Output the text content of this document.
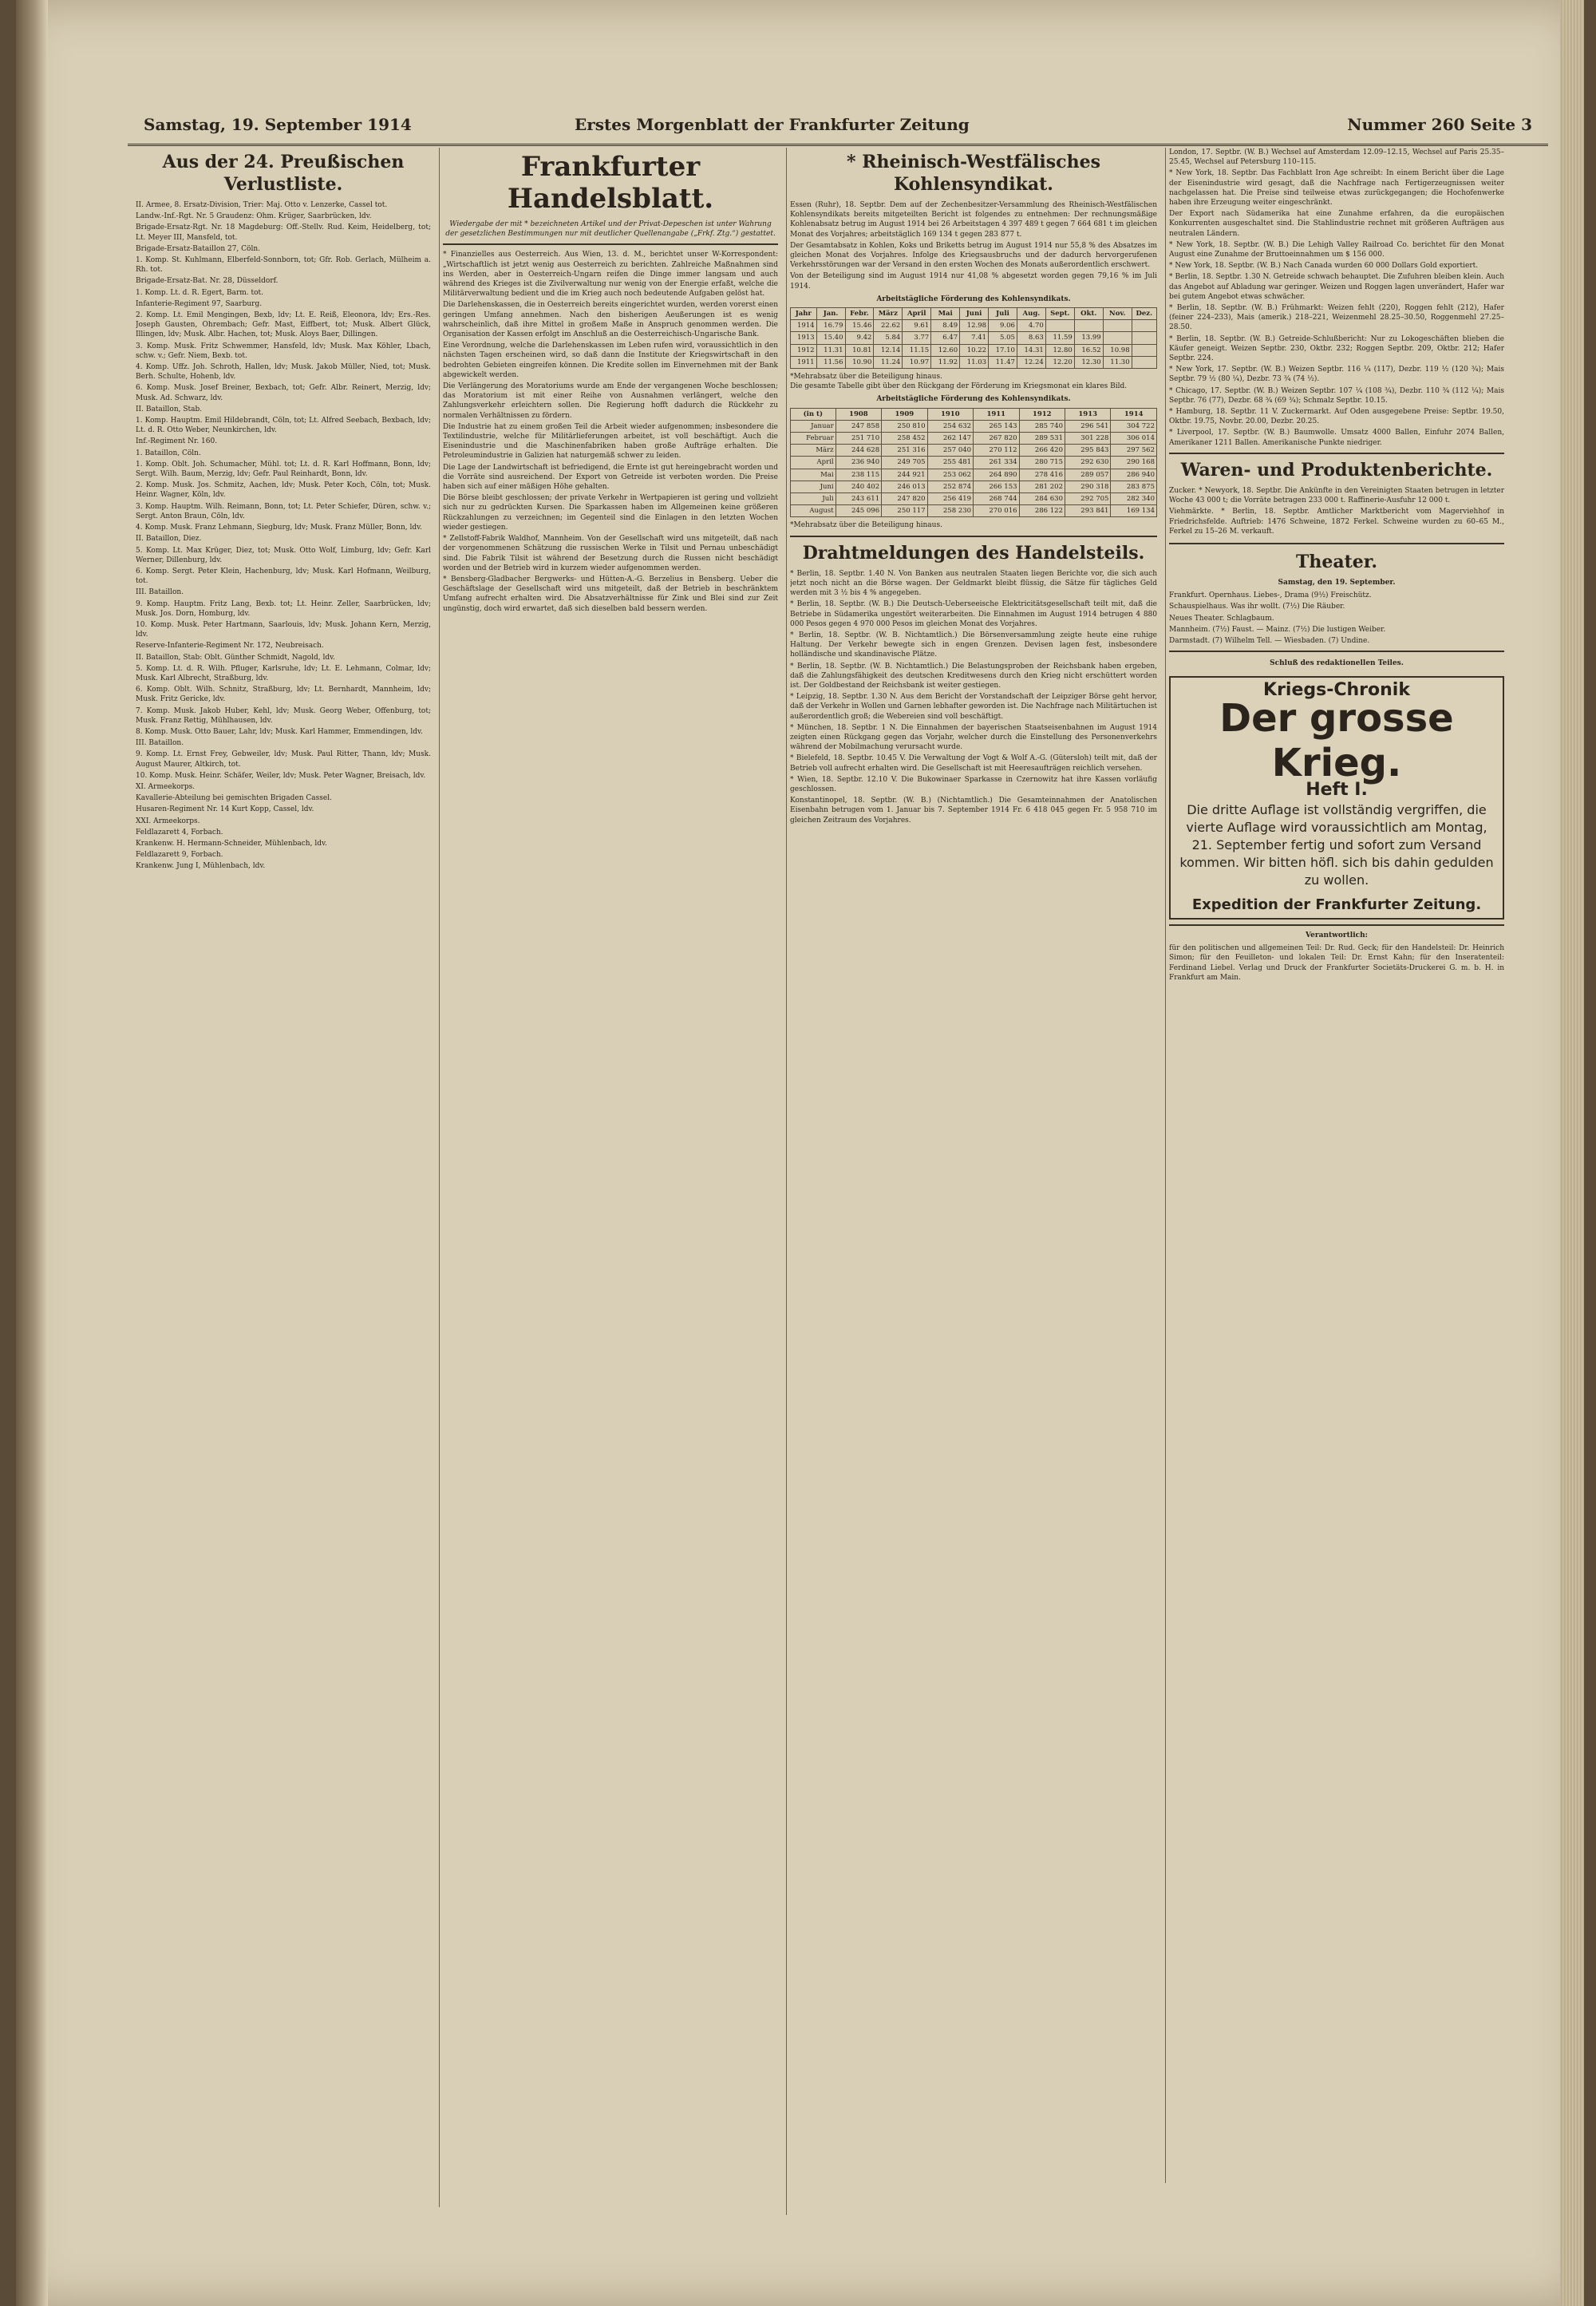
Samstag, 19. September 1914	Erstes Morgenblatt der Frankfurter Zeitung	Nummer 260 Seite 3
Aus der 24. Preußischen Verlustliste.

II. Armee, 8. Ersatz-Division, Trier: Maj. Otto v. Lenzerke, Cassel tot.

Landw.-Inf.-Rgt. Nr. 5 Graudenz: Ohm. Krüger, Saarbrücken, ldv.

Brigade-Ersatz-Rgt. Nr. 18 Magdeburg: Off.-Stellv. Rud. Keim, Heidelberg, tot; Lt. Meyer III, Mansfeld, tot.

Brigade-Ersatz-Bataillon 27, Cöln.

1. Komp. St. Kuhlmann, Elberfeld-Sonnborn, tot; Gfr. Rob. Gerlach, Mülheim a. Rh. tot.

Brigade-Ersatz-Bat. Nr. 28, Düsseldorf.

1. Komp. Lt. d. R. Egert, Barm. tot.

Infanterie-Regiment 97, Saarburg.

2. Komp. Lt. Emil Mengingen, Bexb, ldv; Lt. E. Reiß, Eleonora, ldv; Ers.-Res. Joseph Gausten, Ohrembach; Gefr. Mast, Eiffbert, tot; Musk. Albert Glück, Illingen, ldv; Musk. Albr. Hachen, tot; Musk. Aloys Baer, Dillingen.

3. Komp. Musk. Fritz Schwemmer, Hansfeld, ldv; Musk. Max Köhler, Lbach, schw. v.; Gefr. Niem, Bexb. tot.

4. Komp. Uffz. Joh. Schroth, Hallen, ldv; Musk. Jakob Müller, Nied, tot; Musk. Berh. Schulte, Hohenb, ldv.

6. Komp. Musk. Josef Breiner, Bexbach, tot; Gefr. Albr. Reinert, Merzig, ldv; Musk. Ad. Schwarz, ldv.

II. Bataillon, Stab.

1. Komp. Hauptm. Emil Hildebrandt, Cöln, tot; Lt. Alfred Seebach, Bexbach, ldv; Lt. d. R. Otto Weber, Neunkirchen, ldv.

Inf.-Regiment Nr. 160.

1. Bataillon, Cöln.

1. Komp. Oblt. Joh. Schumacher, Mühl. tot; Lt. d. R. Karl Hoffmann, Bonn, ldv; Sergt. Wilh. Baum, Merzig, ldv; Gefr. Paul Reinhardt, Bonn, ldv.

2. Komp. Musk. Jos. Schmitz, Aachen, ldv; Musk. Peter Koch, Cöln, tot; Musk. Heinr. Wagner, Köln, ldv.

3. Komp. Hauptm. Wilh. Reimann, Bonn, tot; Lt. Peter Schiefer, Düren, schw. v.; Sergt. Anton Braun, Cöln, ldv.

4. Komp. Musk. Franz Lehmann, Siegburg, ldv; Musk. Franz Müller, Bonn, ldv.

II. Bataillon, Diez.

5. Komp. Lt. Max Krüger, Diez, tot; Musk. Otto Wolf, Limburg, ldv; Gefr. Karl Werner, Dillenburg, ldv.

6. Komp. Sergt. Peter Klein, Hachenburg, ldv; Musk. Karl Hofmann, Weilburg, tot.

III. Bataillon.

9. Komp. Hauptm. Fritz Lang, Bexb. tot; Lt. Heinr. Zeller, Saarbrücken, ldv; Musk. Jos. Dorn, Homburg, ldv.

10. Komp. Musk. Peter Hartmann, Saarlouis, ldv; Musk. Johann Kern, Merzig, ldv.

Reserve-Infanterie-Regiment Nr. 172, Neubreisach.

II. Bataillon, Stab: Oblt. Günther Schmidt, Nagold, ldv.

5. Komp. Lt. d. R. Wilh. Pfluger, Karlsruhe, ldv; Lt. E. Lehmann, Colmar, ldv; Musk. Karl Albrecht, Straßburg, ldv.

6. Komp. Oblt. Wilh. Schnitz, Straßburg, ldv; Lt. Bernhardt, Mannheim, ldv; Musk. Fritz Gericke, ldv.

7. Komp. Musk. Jakob Huber, Kehl, ldv; Musk. Georg Weber, Offenburg, tot; Musk. Franz Rettig, Mühlhausen, ldv.

8. Komp. Musk. Otto Bauer, Lahr, ldv; Musk. Karl Hammer, Emmendingen, ldv.

III. Bataillon.

9. Komp. Lt. Ernst Frey, Gebweiler, ldv; Musk. Paul Ritter, Thann, ldv; Musk. August Maurer, Altkirch, tot.

10. Komp. Musk. Heinr. Schäfer, Weiler, ldv; Musk. Peter Wagner, Breisach, ldv.

XI. Armeekorps.

Kavallerie-Abteilung bei gemischten Brigaden Cassel.

Husaren-Regiment Nr. 14 Kurt Kopp, Cassel, ldv.

XXI. Armeekorps.

Feldlazarett 4, Forbach.

Krankenw. H. Hermann-Schneider, Mühlenbach, ldv.

Feldlazarett 9, Forbach.

Krankenw. Jung I, Mühlenbach, ldv.

Frankfurter Handelsblatt.
Wiedergabe der mit * bezeichneten Artikel und der Privat-Depeschen ist unter Wahrung der gesetzlichen Bestimmungen nur mit deutlicher Quellenangabe („Frkf. Ztg.“) gestattet.

* Finanzielles aus Oesterreich. Aus Wien, 13. d. M., berichtet unser W-Korrespondent: „Wirtschaftlich ist jetzt wenig aus Oesterreich zu berichten. Zahlreiche Maßnahmen sind ins Werden, aber in Oesterreich-Ungarn reifen die Dinge immer langsam und auch während des Krieges ist die Zivilverwaltung nur wenig von der Energie erfaßt, welche die Militärverwaltung bedient und die im Krieg auch noch bedeutende Aufgaben gelöst hat.

Die Darlehenskassen, die in Oesterreich bereits eingerichtet wurden, werden vorerst einen geringen Umfang annehmen. Nach den bisherigen Aeußerungen ist es wenig wahrscheinlich, daß ihre Mittel in großem Maße in Anspruch genommen werden. Die Organisation der Kassen erfolgt im Anschluß an die Oesterreichisch-Ungarische Bank.

Eine Verordnung, welche die Darlehenskassen im Leben rufen wird, voraussichtlich in den nächsten Tagen erscheinen wird, so daß dann die Institute der Kriegswirtschaft in den bedrohten Gebieten eingreifen können. Die Kredite sollen im Einvernehmen mit der Bank abgewickelt werden.

Die Verlängerung des Moratoriums wurde am Ende der vergangenen Woche beschlossen; das Moratorium ist mit einer Reihe von Ausnahmen verlängert, welche den Zahlungsverkehr erleichtern sollen. Die Regierung hofft dadurch die Rückkehr zu normalen Verhältnissen zu fördern.

Die Industrie hat zu einem großen Teil die Arbeit wieder aufgenommen; insbesondere die Textilindustrie, welche für Militärlieferungen arbeitet, ist voll beschäftigt. Auch die Eisenindustrie und die Maschinenfabriken haben große Aufträge erhalten. Die Petroleumindustrie in Galizien hat naturgemäß schwer zu leiden.

Die Lage der Landwirtschaft ist befriedigend, die Ernte ist gut hereingebracht worden und die Vorräte sind ausreichend. Der Export von Getreide ist verboten worden. Die Preise haben sich auf einer mäßigen Höhe gehalten.

Die Börse bleibt geschlossen; der private Verkehr in Wertpapieren ist gering und vollzieht sich nur zu gedrückten Kursen. Die Sparkassen haben im Allgemeinen keine größeren Rückzahlungen zu verzeichnen; im Gegenteil sind die Einlagen in den letzten Wochen wieder gestiegen.

* Zellstoff-Fabrik Waldhof, Mannheim. Von der Gesellschaft wird uns mitgeteilt, daß nach der vorgenommenen Schätzung die russischen Werke in Tilsit und Pernau unbeschädigt sind. Die Fabrik Tilsit ist während der Besetzung durch die Russen nicht beschädigt worden und der Betrieb wird in kurzem wieder aufgenommen werden.

* Bensberg-Gladbacher Bergwerks- und Hütten-A.-G. Berzelius in Bensberg. Ueber die Geschäftslage der Gesellschaft wird uns mitgeteilt, daß der Betrieb in beschränktem Umfang aufrecht erhalten wird. Die Absatzverhältnisse für Zink und Blei sind zur Zeit ungünstig, doch wird erwartet, daß sich dieselben bald bessern werden.

* Rheinisch-Westfälisches Kohlensyndikat.

Essen (Ruhr), 18. Septbr. Dem auf der Zechenbesitzer-Versammlung des Rheinisch-Westfälischen Kohlensyndikats bereits mitgeteilten Bericht ist folgendes zu entnehmen: Der rechnungsmäßige Kohlenabsatz betrug im August 1914 bei 26 Arbeitstagen 4 397 489 t gegen 7 664 681 t im gleichen Monat des Vorjahres; arbeitstäglich 169 134 t gegen 283 877 t.

Der Gesamtabsatz in Kohlen, Koks und Briketts betrug im August 1914 nur 55,8 % des Absatzes im gleichen Monat des Vorjahres. Infolge des Kriegsausbruchs und der dadurch hervorgerufenen Verkehrsstörungen war der Versand in den ersten Wochen des Monats außerordentlich erschwert.

Von der Beteiligung sind im August 1914 nur 41,08 % abgesetzt worden gegen 79,16 % im Juli 1914.

Arbeitstägliche Förderung des Kohlensyndikats.
Jahr	Jan.	Febr.	März	April	Mai	Juni	Juli	Aug.	Sept.	Okt.	Nov.	Dez.
1914	16.79	15.46	22.62	9.61	8.49	12.98	9.06	4.70				
1913	15.40	9.42	5.84	3.77	6.47	7.41	5.05	8.63	11.59	13.99		
1912	11.31	10.81	12.14	11.15	12.60	10.22	17.10	14.31	12.80	16.52	10.98	
1911	11.56	10.90	11.24	10.97	11.92	11.03	11.47	12.24	12.20	12.30	11.30	
*Mehrabsatz über die Beteiligung hinaus.

Die gesamte Tabelle gibt über den Rückgang der Förderung im Kriegsmonat ein klares Bild.

Arbeitstägliche Förderung des Kohlensyndikats.
(in t)	1908	1909	1910	1911	1912	1913	1914
Januar	247 858	250 810	254 632	265 143	285 740	296 541	304 722
Februar	251 710	258 452	262 147	267 820	289 531	301 228	306 014
März	244 628	251 316	257 040	270 112	266 420	295 843	297 562
April	236 940	249 705	255 481	261 334	280 715	292 630	290 168
Mai	238 115	244 921	253 062	264 890	278 416	289 057	286 940
Juni	240 402	246 013	252 874	266 153	281 202	290 318	283 875
Juli	243 611	247 820	256 419	268 744	284 630	292 705	282 340
August	245 096	250 117	258 230	270 016	286 122	293 841	169 134
*Mehrabsatz über die Beteiligung hinaus.
Drahtmeldungen des Handelsteils.

* Berlin, 18. Septbr. 1.40 N. Von Banken aus neutralen Staaten liegen Berichte vor, die sich auch jetzt noch nicht an die Börse wagen. Der Geldmarkt bleibt flüssig, die Sätze für tägliches Geld werden mit 3 ½ bis 4 % angegeben.

* Berlin, 18. Septbr. (W. B.) Die Deutsch-Ueberseeische Elektricitätsgesellschaft teilt mit, daß die Betriebe in Südamerika ungestört weiterarbeiten. Die Einnahmen im August 1914 betrugen 4 880 000 Pesos gegen 4 970 000 Pesos im gleichen Monat des Vorjahres.

* Berlin, 18. Septbr. (W. B. Nichtamtlich.) Die Börsenversammlung zeigte heute eine ruhige Haltung. Der Verkehr bewegte sich in engen Grenzen. Devisen lagen fest, insbesondere holländische und skandinavische Plätze.

* Berlin, 18. Septbr. (W. B. Nichtamtlich.) Die Belastungsproben der Reichsbank haben ergeben, daß die Zahlungsfähigkeit des deutschen Kreditwesens durch den Krieg nicht erschüttert worden ist. Der Goldbestand der Reichsbank ist weiter gestiegen.

* Leipzig, 18. Septbr. 1.30 N. Aus dem Bericht der Vorstandschaft der Leipziger Börse geht hervor, daß der Verkehr in Wollen und Garnen lebhafter geworden ist. Die Nachfrage nach Militärtuchen ist außerordentlich groß; die Webereien sind voll beschäftigt.

* München, 18. Septbr. 1 N. Die Einnahmen der bayerischen Staatseisenbahnen im August 1914 zeigten einen Rückgang gegen das Vorjahr, welcher durch die Einstellung des Personenverkehrs während der Mobilmachung verursacht wurde.

* Bielefeld, 18. Septbr. 10.45 V. Die Verwaltung der Vogt & Wolf A.-G. (Gütersloh) teilt mit, daß der Betrieb voll aufrecht erhalten wird. Die Gesellschaft ist mit Heeresaufträgen reichlich versehen.

* Wien, 18. Septbr. 12.10 V. Die Bukowinaer Sparkasse in Czernowitz hat ihre Kassen vorläufig geschlossen.

Konstantinopel, 18. Septbr. (W. B.) (Nichtamtlich.) Die Gesamteinnahmen der Anatolischen Eisenbahn betrugen vom 1. Januar bis 7. September 1914 Fr. 6 418 045 gegen Fr. 5 958 710 im gleichen Zeitraum des Vorjahres.

London, 17. Septbr. (W. B.) Wechsel auf Amsterdam 12.09–12.15, Wechsel auf Paris 25.35–25.45, Wechsel auf Petersburg 110–115.

* New York, 18. Septbr. Das Fachblatt Iron Age schreibt: In einem Bericht über die Lage der Eisenindustrie wird gesagt, daß die Nachfrage nach Fertigerzeugnissen weiter nachgelassen hat. Die Preise sind teilweise etwas zurückgegangen; die Hochofenwerke haben ihre Erzeugung weiter eingeschränkt.

Der Export nach Südamerika hat eine Zunahme erfahren, da die europäischen Konkurrenten ausgeschaltet sind. Die Stahlindustrie rechnet mit größeren Aufträgen aus neutralen Ländern.

* New York, 18. Septbr. (W. B.) Die Lehigh Valley Railroad Co. berichtet für den Monat August eine Zunahme der Bruttoeinnahmen um $ 156 000.

* New York, 18. Septbr. (W. B.) Nach Canada wurden 60 000 Dollars Gold exportiert.

* Berlin, 18. Septbr. 1.30 N. Getreide schwach behauptet. Die Zufuhren bleiben klein. Auch das Angebot auf Abladung war geringer. Weizen und Roggen lagen unverändert, Hafer war bei gutem Angebot etwas schwächer.

* Berlin, 18. Septbr. (W. B.) Frühmarkt: Weizen fehlt (220), Roggen fehlt (212), Hafer (feiner 224–233), Mais (amerik.) 218–221, Weizenmehl 28.25–30.50, Roggenmehl 27.25–28.50.

* Berlin, 18. Septbr. (W. B.) Getreide-Schlußbericht: Nur zu Lokogeschäften blieben die Käufer geneigt. Weizen Septbr. 230, Oktbr. 232; Roggen Septbr. 209, Oktbr. 212; Hafer Septbr. 224.

* New York, 17. Septbr. (W. B.) Weizen Septbr. 116 ¼ (117), Dezbr. 119 ½ (120 ¾); Mais Septbr. 79 ½ (80 ¼), Dezbr. 73 ¾ (74 ½).

* Chicago, 17. Septbr. (W. B.) Weizen Septbr. 107 ¼ (108 ¾), Dezbr. 110 ¾ (112 ¼); Mais Septbr. 76 (77), Dezbr. 68 ¾ (69 ¾); Schmalz Septbr. 10.15.

* Hamburg, 18. Septbr. 11 V. Zuckermarkt. Auf Oden ausgegebene Preise: Septbr. 19.50, Oktbr. 19.75, Novbr. 20.00, Dezbr. 20.25.

* Liverpool, 17. Septbr. (W. B.) Baumwolle. Umsatz 4000 Ballen, Einfuhr 2074 Ballen, Amerikaner 1211 Ballen. Amerikanische Punkte niedriger.

Waren- und Produktenberichte.

Zucker. * Newyork, 18. Septbr. Die Ankünfte in den Vereinigten Staaten betrugen in letzter Woche 43 000 t; die Vorräte betragen 233 000 t. Raffinerie-Ausfuhr 12 000 t.

Viehmärkte. * Berlin, 18. Septbr. Amtlicher Marktbericht vom Magerviehhof in Friedrichsfelde. Auftrieb: 1476 Schweine, 1872 Ferkel. Schweine wurden zu 60–65 M., Ferkel zu 15–26 M. verkauft.

Theater.
Samstag, den 19. September.

Frankfurt. Opernhaus. Liebes-, Drama (9½) Freischütz.

Schauspielhaus. Was ihr wollt. (7½) Die Räuber.

Neues Theater. Schlagbaum.

Mannheim. (7½) Faust. — Mainz. (7½) Die lustigen Weiber.

Darmstadt. (7) Wilhelm Tell. — Wiesbaden. (7) Undine.

Schluß des redaktionellen Teiles.
Kriegs-Chronik
Der grosse Krieg.
Heft I.
Die dritte Auflage ist vollständig vergriffen, die vierte Auflage wird voraussichtlich am Montag, 21. September fertig und sofort zum Versand kommen. Wir bitten höfl. sich bis dahin gedulden zu wollen.
Expedition der Frankfurter Zeitung.
Verantwortlich:

für den politischen und allgemeinen Teil: Dr. Rud. Geck; für den Handelsteil: Dr. Heinrich Simon; für den Feuilleton- und lokalen Teil: Dr. Ernst Kahn; für den Inseratenteil: Ferdinand Liebel. Verlag und Druck der Frankfurter Societäts-Druckerei G. m. b. H. in Frankfurt am Main.
